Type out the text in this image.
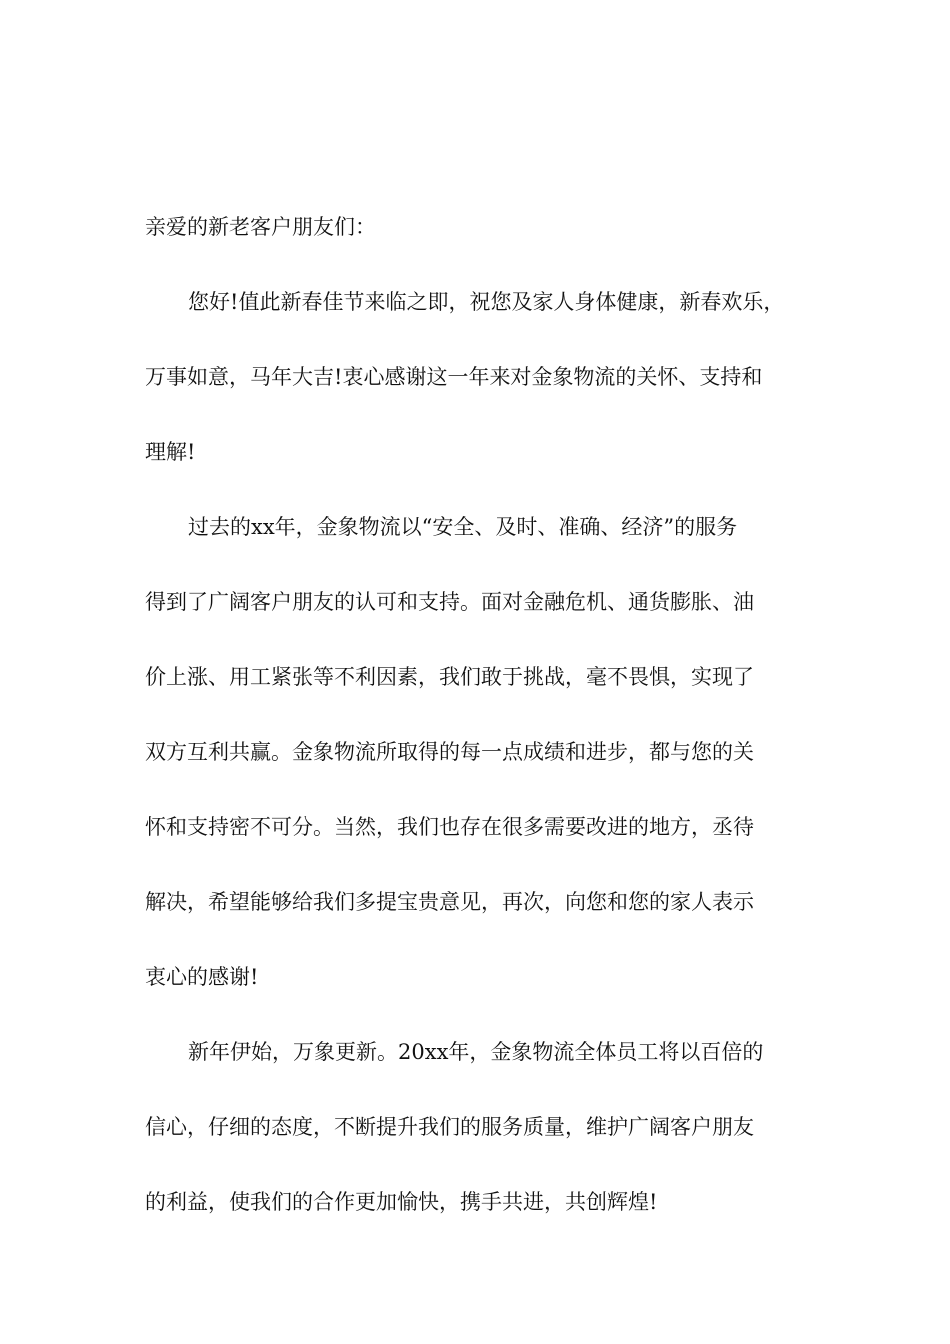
亲爱的新老客户朋友们：
您好!值此新春佳节来临之即，祝您及家人身体健康，新春欢乐，
万事如意，马年大吉!衷心感谢这一年来对金象物流的关怀、支持和
理解!
过去的xx年，金象物流以“安全、及时、准确、经济”的服务
得到了广阔客户朋友的认可和支持。面对金融危机、通货膨胀、油
价上涨、用工紧张等不利因素，我们敢于挑战，毫不畏惧，实现了
双方互利共赢。金象物流所取得的每一点成绩和进步，都与您的关
怀和支持密不可分。当然，我们也存在很多需要改进的地方，丞待
解决，希望能够给我们多提宝贵意见，再次，向您和您的家人表示
衷心的感谢!
新年伊始，万象更新。20xx年，金象物流全体员工将以百倍的
信心，仔细的态度，不断提升我们的服务质量，维护广阔客户朋友
的利益，使我们的合作更加愉快，携手共进，共创辉煌!
